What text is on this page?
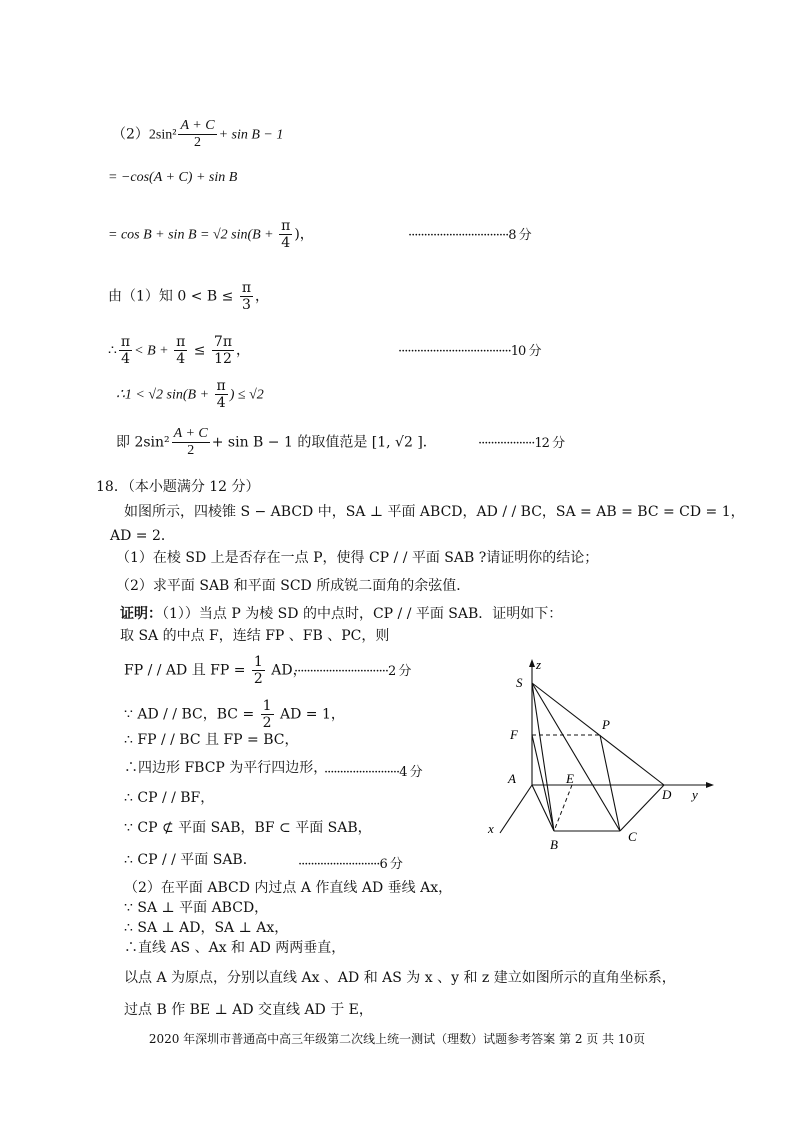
$(2)2\sin^2 \frac{A + C}{2} + \sin B - 1$
= −cos(A + C) + sin B
= cos B + sin B = √2 $\sin(B + \frac{\pi}{4}$ )，	································8 分
由（1）知 $0 < B \le \frac{\pi}{3}$ ，
∴ $\frac{\pi}{4} < B + \frac{\pi}{4} \le \frac{7\pi}{12}$ ，	····································10 分
∴1 < √2 $\sin(B + \frac{\pi}{4}$ ) ≤ √2
即 $2\sin^2 \frac{A + C}{2} + \sin B - 1$ 的取值范是 [1, √2 ]．	··················12 分
18．（本小题满分 12 分）
如图所示，四棱锥 S − ABCD 中，SA ⊥ 平面 ABCD，AD / / BC，SA = AB = BC = CD = 1，
AD = 2．
（1）在棱 SD 上是否存在一点 P，使得 CP / / 平面 SAB ?请证明你的结论；
（2）求平面 SAB 和平面 SCD 所成锐二面角的余弦值．
证明：（1））当点 P 为棱 SD 的中点时，CP / / 平面 SAB．证明如下：
取 SA 的中点 F，连结 FP 、FB 、PC，则
FP / / AD 且 FP = $\frac{1}{2}$ AD，
······························2 分
∵ AD / / BC，BC = $\frac{1}{2}$ AD = 1，
∴ FP / / BC 且 FP = BC，
∴四边形 FBCP 为平行四边形，
························4 分
∴ CP / / BF，
∵ CP ⊄ 平面 SAB，BF ⊂ 平面 SAB，
∴ CP / / 平面 SAB．	··························6 分
（2）在平面 ABCD 内过点 A 作直线 AD 垂线 Ax，
∵ SA ⊥ 平面 ABCD，
∴ SA ⊥ AD，SA ⊥ Ax，
∴直线 AS 、Ax 和 AD 两两垂直，
以点 A 为原点，分别以直线 Ax 、AD 和 AS 为 x 、y 和 z 建立如图所示的直角坐标系，
过点 B 作 BE ⊥ AD 交直线 AD 于 E，
z
S
F
P
A	E
D y
x
B
C
2020 年深圳市普通高中高三年级第二次线上统一测试（理数）试题参考答案 第 2 页 共 10页
